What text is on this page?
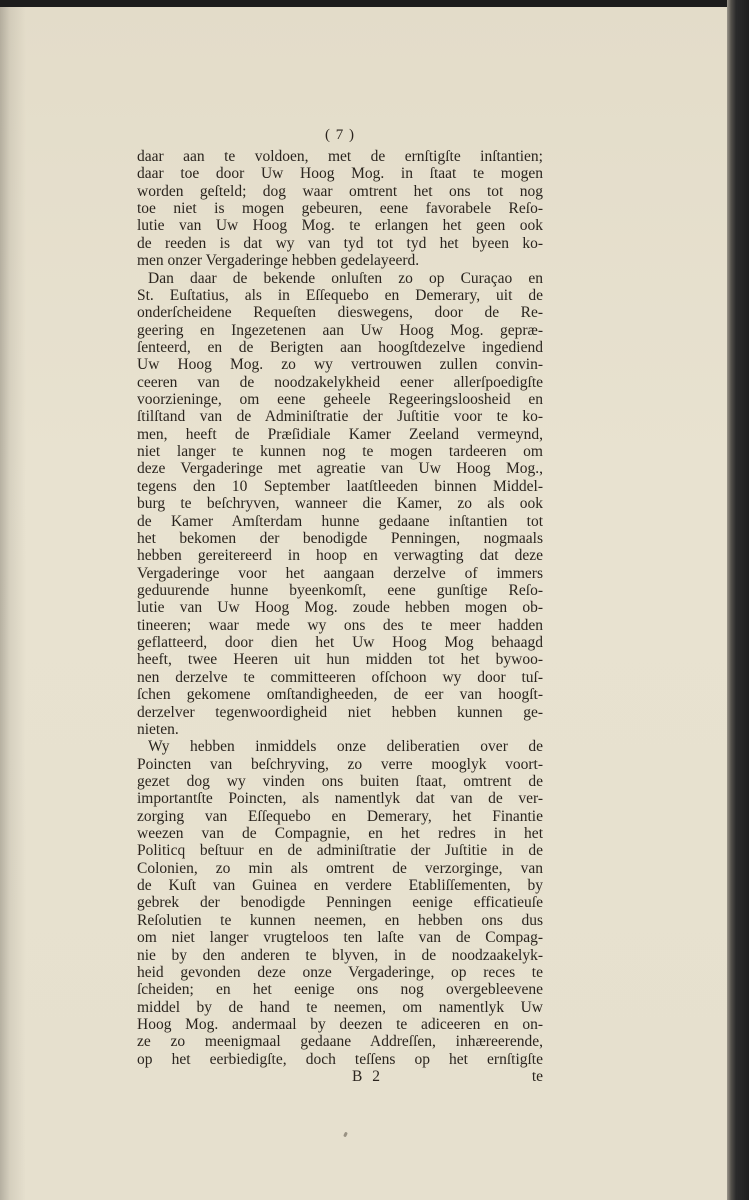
( 7 )
daar aan te voldoen, met de ernſtigſte inſtantien;
daar toe door Uw Hoog Mog. in ſtaat te mogen
worden geſteld; dog waar omtrent het ons tot nog
toe niet is mogen gebeuren, eene favorabele Reſo-
lutie van Uw Hoog Mog. te erlangen het geen ook
de reeden is dat wy van tyd tot tyd het byeen ko-
men onzer Vergaderinge hebben gedelayeerd.
Dan daar de bekende onluſten zo op Curaçao en
St. Euſtatius, als in Eſſequebo en Demerary, uit de
onderſcheidene Requeſten dieswegens, door de Re-
geering en Ingezetenen aan Uw Hoog Mog. gepræ-
ſenteerd, en de Berigten aan hoogſtdezelve ingediend
Uw Hoog Mog. zo wy vertrouwen zullen convin-
ceeren van de noodzakelykheid eener allerſpoedigſte
voorzieninge, om eene geheele Regeeringsloosheid en
ſtilſtand van de Adminiſtratie der Juſtitie voor te ko-
men, heeft de Præſidiale Kamer Zeeland vermeynd,
niet langer te kunnen nog te mogen tardeeren om
deze Vergaderinge met agreatie van Uw Hoog Mog.,
tegens den 10 September laatſtleeden binnen Middel-
burg te beſchryven, wanneer die Kamer, zo als ook
de Kamer Amſterdam hunne gedaane inſtantien tot
het bekomen der benodigde Penningen, nogmaals
hebben gereitereerd in hoop en verwagting dat deze
Vergaderinge voor het aangaan derzelve of immers
geduurende hunne byeenkomſt, eene gunſtige Reſo-
lutie van Uw Hoog Mog. zoude hebben mogen ob-
tineeren; waar mede wy ons des te meer hadden
geflatteerd, door dien het Uw Hoog Mog behaagd
heeft, twee Heeren uit hun midden tot het bywoo-
nen derzelve te committeeren ofſchoon wy door tuſ-
ſchen gekomene omſtandigheeden, de eer van hoogſt-
derzelver tegenwoordigheid niet hebben kunnen ge-
nieten.
Wy hebben inmiddels onze deliberatien over de
Poincten van beſchryving, zo verre mooglyk voort-
gezet dog wy vinden ons buiten ſtaat, omtrent de
importantſte Poincten, als namentlyk dat van de ver-
zorging van Eſſequebo en Demerary, het Finantie
weezen van de Compagnie, en het redres in het
Politicq beſtuur en de adminiſtratie der Juſtitie in de
Colonien, zo min als omtrent de verzorginge, van
de Kuſt van Guinea en verdere Etabliſſementen, by
gebrek der benodigde Penningen eenige efficatieuſe
Reſolutien te kunnen neemen, en hebben ons dus
om niet langer vrugteloos ten laſte van de Compag-
nie by den anderen te blyven, in de noodzaakelyk-
heid gevonden deze onze Vergaderinge, op reces te
ſcheiden; en het eenige ons nog overgebleevene
middel by de hand te neemen, om namentlyk Uw
Hoog Mog. andermaal by deezen te adiceeren en on-
ze zo meenigmaal gedaane Addreſſen, inhæreerende,
op het eerbiedigſte, doch teſſens op het ernſtigſte
B 2	te
